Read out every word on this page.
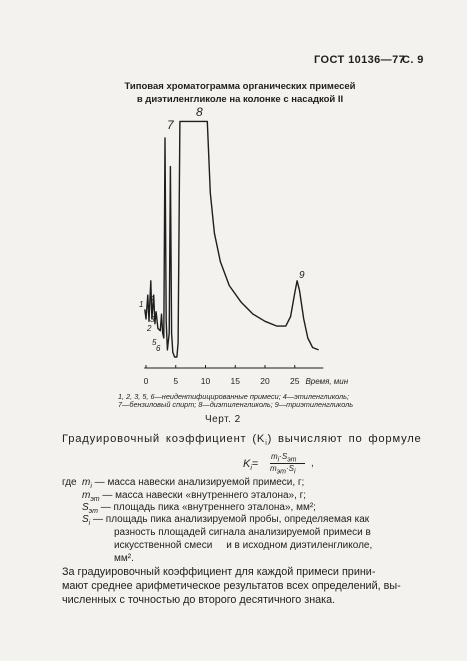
ГОСТ 10136—77
С. 9
Типовая хроматограмма органических примесей
в диэтиленгликоле на колонке с насадкой II
0	5	10 15 20 25 Время, мин
1
2
3
4
5
6
7
8
9
1, 2, 3, 5, 6—неидентифицированные примеси; 4—этиленгликоль;
7—бензиловый спирт; 8—диэтиленгликоль; 9—триэтиленгликоль
Черт. 2
Градуировочный коэффициент $(K_i)$ вычисляют по формуле
$K_i=$
$m_i\cdot S_{эт}$
$m_{эт}\cdot S_i$
,
где $m_i$ — масса навески анализируемой примеси, г;
$m_{эт}$ — масса навески «внутреннего эталона», г;
$S_{эт}$ — площадь пика «внутреннего эталона», мм²;
$S_i$ — площадь пика анализируемой пробы, определяемая как
разность площадей сигнала анализируемой примеси в
искусственной смеси     и в исходном диэтиленгликоле,
мм².
За градуировочный коэффициент для каждой примеси прини-
мают среднее арифметическое результатов всех определений, вы-
численных с точностью до второго десятичного знака.
